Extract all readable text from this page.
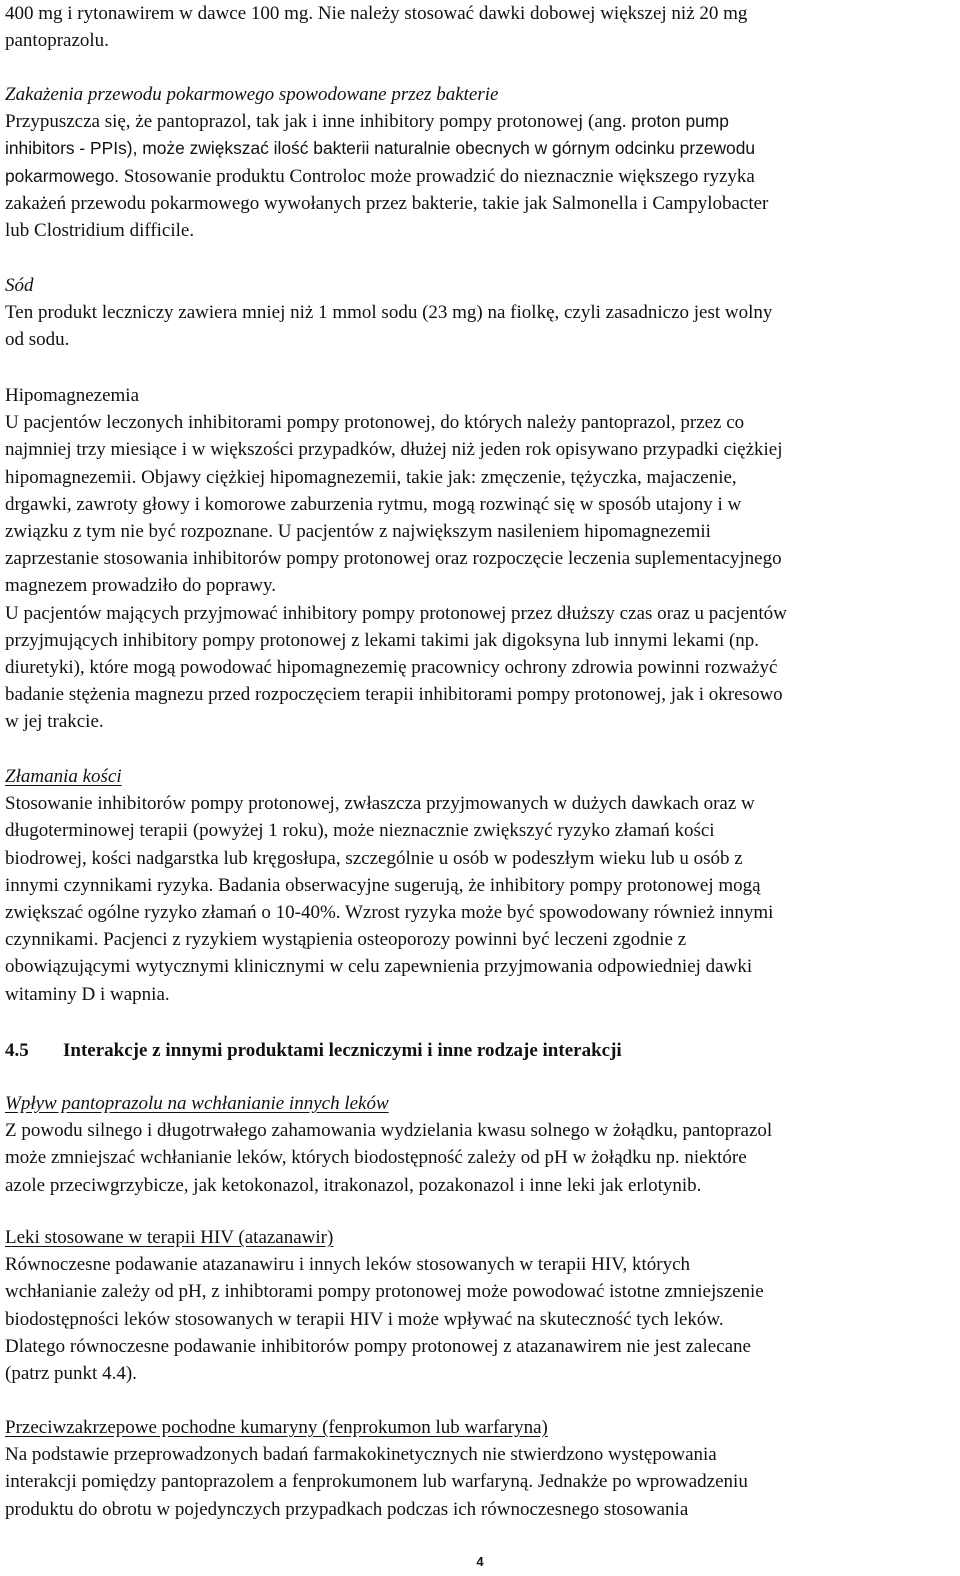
400 mg i rytonawirem w dawce 100 mg. Nie należy stosować dawki dobowej większej niż 20 mg
pantoprazolu.
Zakażenia przewodu pokarmowego spowodowane przez bakterie
Przypuszcza się, że pantoprazol, tak jak i inne inhibitory pompy protonowej (ang. proton pump
inhibitors - PPIs), może zwiększać ilość bakterii naturalnie obecnych w górnym odcinku przewodu
pokarmowego. Stosowanie produktu Controloc może prowadzić do nieznacznie większego ryzyka
zakażeń przewodu pokarmowego wywołanych przez bakterie, takie jak Salmonella i Campylobacter
lub Clostridium difficile.
Sód
Ten produkt leczniczy zawiera mniej niż 1 mmol sodu (23 mg) na fiolkę, czyli zasadniczo jest wolny
od sodu.
Hipomagnezemia
U pacjentów leczonych inhibitorami pompy protonowej, do których należy pantoprazol, przez co
najmniej trzy miesiące i w większości przypadków, dłużej niż jeden rok opisywano przypadki ciężkiej
hipomagnezemii. Objawy ciężkiej hipomagnezemii, takie jak: zmęczenie, tężyczka, majaczenie,
drgawki, zawroty głowy i komorowe zaburzenia rytmu, mogą rozwinąć się w sposób utajony i w
związku z tym nie być rozpoznane. U pacjentów z największym nasileniem hipomagnezemii
zaprzestanie stosowania inhibitorów pompy protonowej oraz rozpoczęcie leczenia suplementacyjnego
magnezem prowadziło do poprawy.
U pacjentów mających przyjmować inhibitory pompy protonowej przez dłuższy czas oraz u pacjentów
przyjmujących inhibitory pompy protonowej z lekami takimi jak digoksyna lub innymi lekami (np.
diuretyki), które mogą powodować hipomagnezemię pracownicy ochrony zdrowia powinni rozważyć
badanie stężenia magnezu przed rozpoczęciem terapii inhibitorami pompy protonowej, jak i okresowo
w jej trakcie.
Złamania kości
Stosowanie inhibitorów pompy protonowej, zwłaszcza przyjmowanych w dużych dawkach oraz w
długoterminowej terapii (powyżej 1 roku), może nieznacznie zwiększyć ryzyko złamań kości
biodrowej, kości nadgarstka lub kręgosłupa, szczególnie u osób w podeszłym wieku lub u osób z
innymi czynnikami ryzyka. Badania obserwacyjne sugerują, że inhibitory pompy protonowej mogą
zwiększać ogólne ryzyko złamań o 10-40%. Wzrost ryzyka może być spowodowany również innymi
czynnikami. Pacjenci z ryzykiem wystąpienia osteoporozy powinni być leczeni zgodnie z
obowiązującymi wytycznymi klinicznymi w celu zapewnienia przyjmowania odpowiedniej dawki
witaminy D i wapnia.
4.5 Interakcje z innymi produktami leczniczymi i inne rodzaje interakcji
Wpływ pantoprazolu na wchłanianie innych leków
Z powodu silnego i długotrwałego zahamowania wydzielania kwasu solnego w żołądku, pantoprazol
może zmniejszać wchłanianie leków, których biodostępność zależy od pH w żołądku np. niektóre
azole przeciwgrzybicze, jak ketokonazol, itrakonazol, pozakonazol i inne leki jak erlotynib.
Leki stosowane w terapii HIV (atazanawir)
Równoczesne podawanie atazanawiru i innych leków stosowanych w terapii HIV, których
wchłanianie zależy od pH, z inhibtorami pompy protonowej może powodować istotne zmniejszenie
biodostępności leków stosowanych w terapii HIV i może wpływać na skuteczność tych leków.
Dlatego równoczesne podawanie inhibitorów pompy protonowej z atazanawirem nie jest zalecane
(patrz punkt 4.4).
Przeciwzakrzepowe pochodne kumaryny (fenprokumon lub warfaryna)
Na podstawie przeprowadzonych badań farmakokinetycznych nie stwierdzono występowania
interakcji pomiędzy pantoprazolem a fenprokumonem lub warfaryną. Jednakże po wprowadzeniu
produktu do obrotu w pojedynczych przypadkach podczas ich równoczesnego stosowania
4
